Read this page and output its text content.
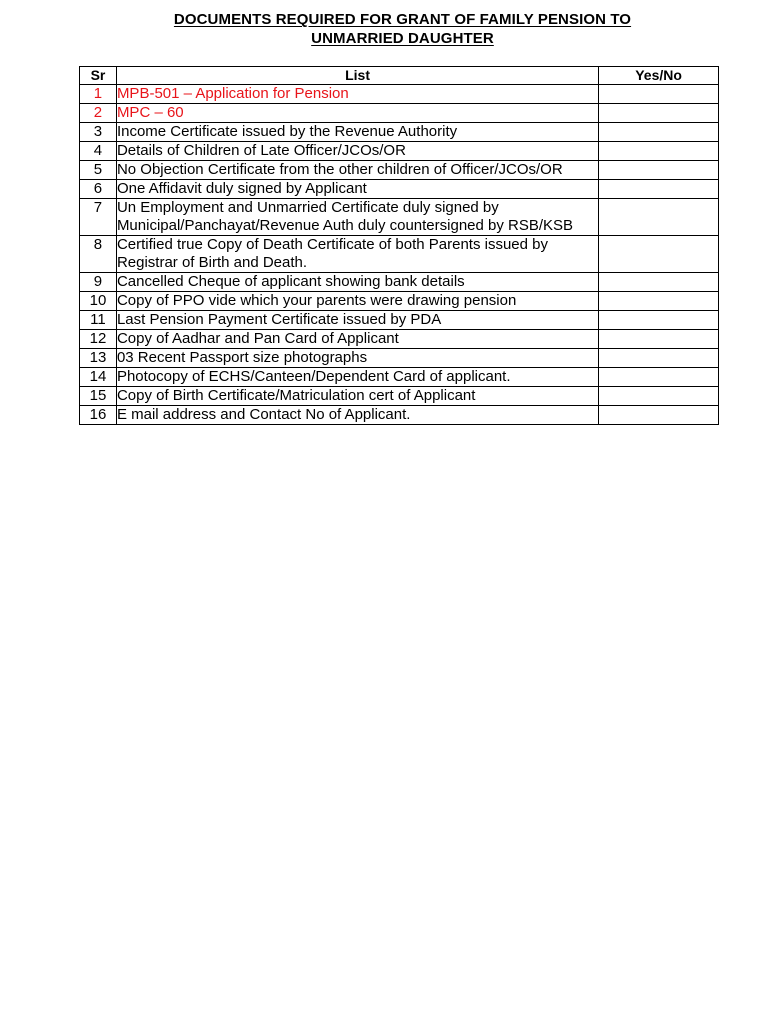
DOCUMENTS REQUIRED FOR GRANT OF FAMILY PENSION TO
UNMARRIED DAUGHTER
Sr	List	Yes/No
1	MPB-501 – Application for Pension	
2	MPC – 60	
3	Income Certificate issued by the Revenue Authority	
4	Details of Children of Late Officer/JCOs/OR	
5	No Objection Certificate from the other children of Officer/JCOs/OR	
6	One Affidavit duly signed by Applicant	
7	Un Employment and Unmarried Certificate duly signed by Municipal/Panchayat/Revenue Auth duly countersigned by RSB/KSB	
8	Certified true Copy of Death Certificate of both Parents issued by Registrar of Birth and Death.	
9	Cancelled Cheque of applicant showing bank details	
10	Copy of PPO vide which your parents were drawing pension	
11	Last Pension Payment Certificate issued by PDA	
12	Copy of Aadhar and Pan Card of Applicant	
13	03 Recent Passport size photographs	
14	Photocopy of ECHS/Canteen/Dependent Card of applicant.	
15	Copy of Birth Certificate/Matriculation cert of Applicant	
16	E mail address and Contact No of Applicant.	
